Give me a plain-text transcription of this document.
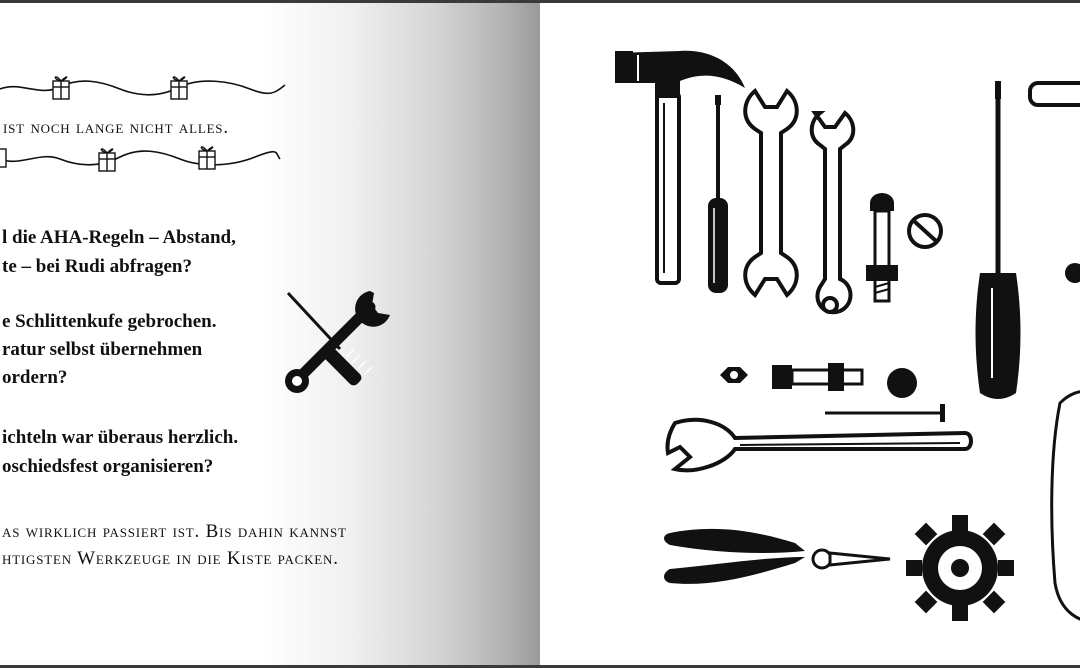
ist noch lange nicht alles.
l die AHA-Regeln – Abstand,
te – bei Rudi abfragen?
e Schlittenkufe gebrochen.
ratur selbst übernehmen
ordern?
ichteln war überaus herzlich.
oschiedsfest organisieren?
as wirklich passiert ist. Bis dahin kannst
htigsten Werkzeuge in die Kiste packen.
